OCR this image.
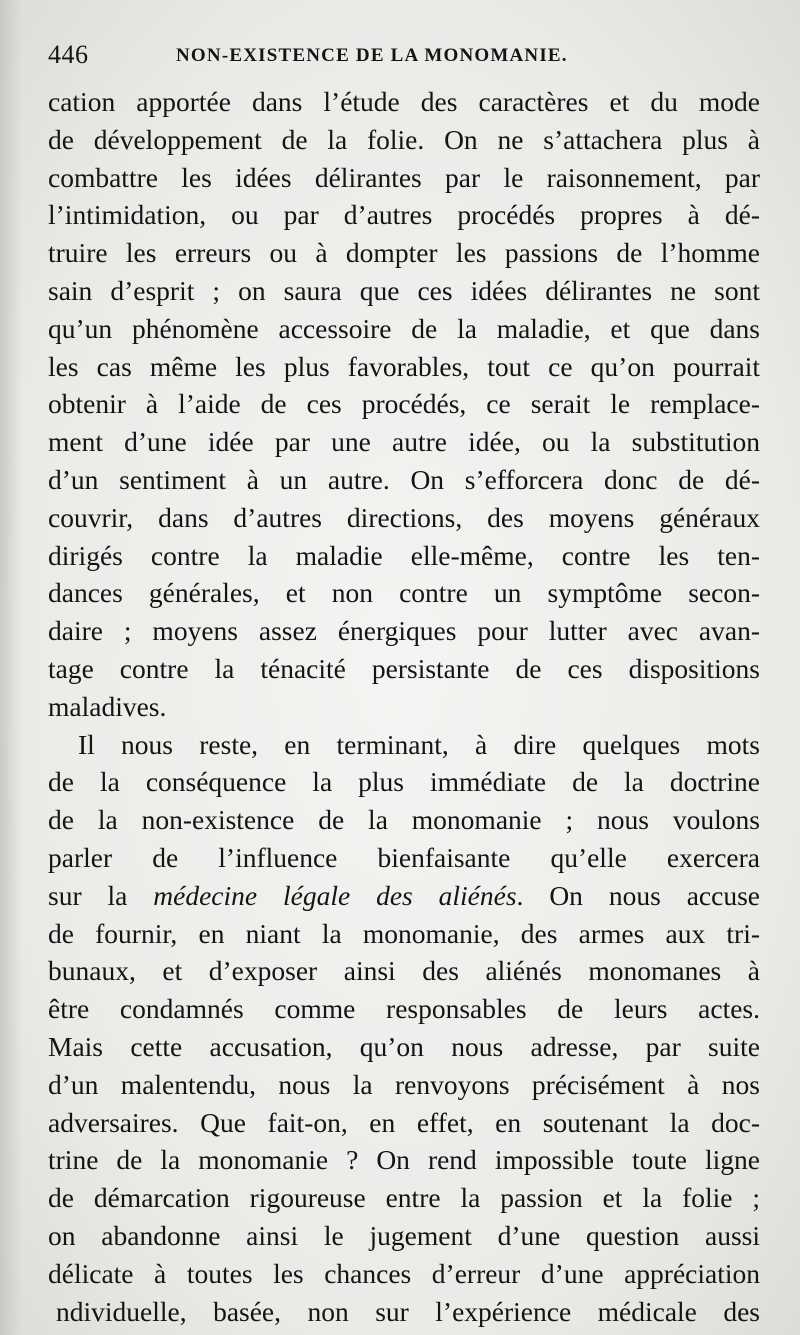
446	NON-EXISTENCE DE LA MONOMANIE.
cation apportée dans l’étude des caractères et du mode
de développement de la folie. On ne s’attachera plus à
combattre les idées délirantes par le raisonnement, par
l’intimidation, ou par d’autres procédés propres à dé-
truire les erreurs ou à dompter les passions de l’homme
sain d’esprit ; on saura que ces idées délirantes ne sont
qu’un phénomène accessoire de la maladie, et que dans
les cas même les plus favorables, tout ce qu’on pourrait
obtenir à l’aide de ces procédés, ce serait le remplace-
ment d’une idée par une autre idée, ou la substitution
d’un sentiment à un autre. On s’efforcera donc de dé-
couvrir, dans d’autres directions, des moyens généraux
dirigés contre la maladie elle-même, contre les ten-
dances générales, et non contre un symptôme secon-
daire ; moyens assez énergiques pour lutter avec avan-
tage contre la ténacité persistante de ces dispositions
maladives.
Il nous reste, en terminant, à dire quelques mots
de la conséquence la plus immédiate de la doctrine
de la non-existence de la monomanie ; nous voulons
parler de l’influence bienfaisante qu’elle exercera
sur la médecine légale des aliénés. On nous accuse
de fournir, en niant la monomanie, des armes aux tri-
bunaux, et d’exposer ainsi des aliénés monomanes à
être condamnés comme responsables de leurs actes.
Mais cette accusation, qu’on nous adresse, par suite
d’un malentendu, nous la renvoyons précisément à nos
adversaires. Que fait-on, en effet, en soutenant la doc-
trine de la monomanie ? On rend impossible toute ligne
de démarcation rigoureuse entre la passion et la folie ;
on abandonne ainsi le jugement d’une question aussi
délicate à toutes les chances d’erreur d’une appréciation
ndividuelle, basée, non sur l’expérience médicale des
